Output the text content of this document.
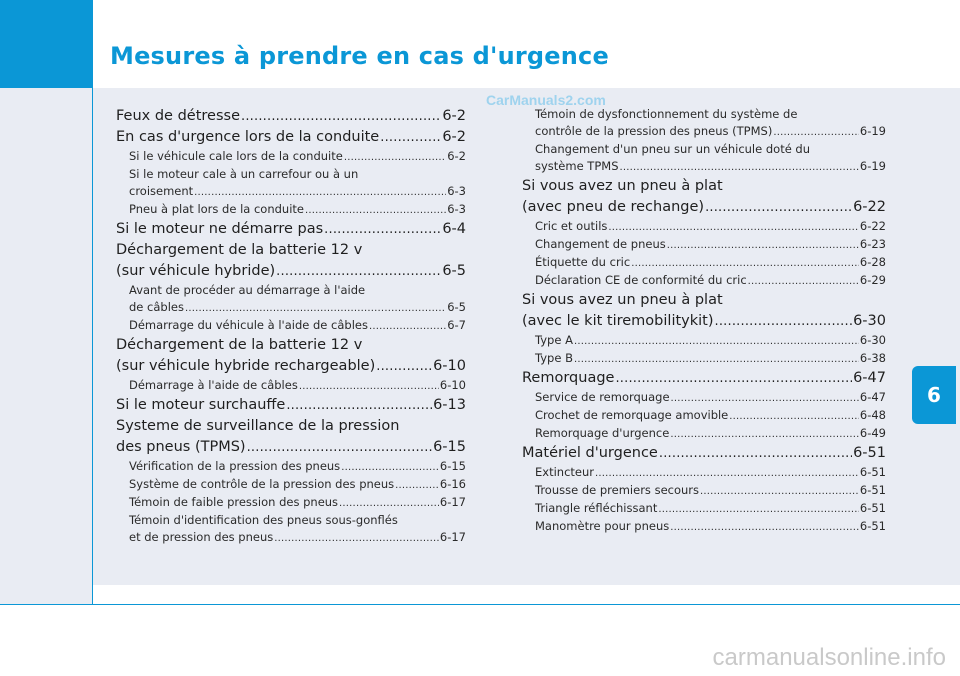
Mesures à prendre en cas d'urgence
6
CarManuals2.com
carmanualsonline.info
Feux de détresse .....	6-2
En cas d'urgence lors de la conduite .....	6-2
Si le véhicule cale lors de la conduite .....	6-2
Si le moteur cale à un carrefour ou à un
croisement .....	6-3
Pneu à plat lors de la conduite .....	6-3
Si le moteur ne démarre pas .....	6-4
Déchargement de la batterie 12 v
(sur véhicule hybride) .....	6-5
Avant de procéder au démarrage à l'aide
de câbles .....	6-5
Démarrage du véhicule à l'aide de câbles .....	6-7
Déchargement de la batterie 12 v
(sur véhicule hybride rechargeable) .....	6-10
Démarrage à l'aide de câbles .....	6-10
Si le moteur surchauffe .....	6-13
Systeme de surveillance de la pression
des pneus (TPMS) .....	6-15
Vérification de la pression des pneus .....	6-15
Système de contrôle de la pression des pneus .....	6-16
Témoin de faible pression des pneus .....	6-17
Témoin d'identification des pneus sous-gonflés
et de pression des pneus .....	6-17
Témoin de dysfonctionnement du système de
contrôle de la pression des pneus (TPMS) .....	6-19
Changement d'un pneu sur un véhicule doté du
système TPMS .....	6-19
Si vous avez un pneu à plat
(avec pneu de rechange) .....	6-22
Cric et outils .....	6-22
Changement de pneus .....	6-23
Étiquette du cric .....	6-28
Déclaration CE de conformité du cric .....	6-29
Si vous avez un pneu à plat
(avec le kit tiremobilitykit) .....	6-30
Type A .....	6-30
Type B .....	6-38
Remorquage .....	6-47
Service de remorquage .....	6-47
Crochet de remorquage amovible .....	6-48
Remorquage d'urgence .....	6-49
Matériel d'urgence .....	6-51
Extincteur .....	6-51
Trousse de premiers secours .....	6-51
Triangle réfléchissant .....	6-51
Manomètre pour pneus .....	6-51
